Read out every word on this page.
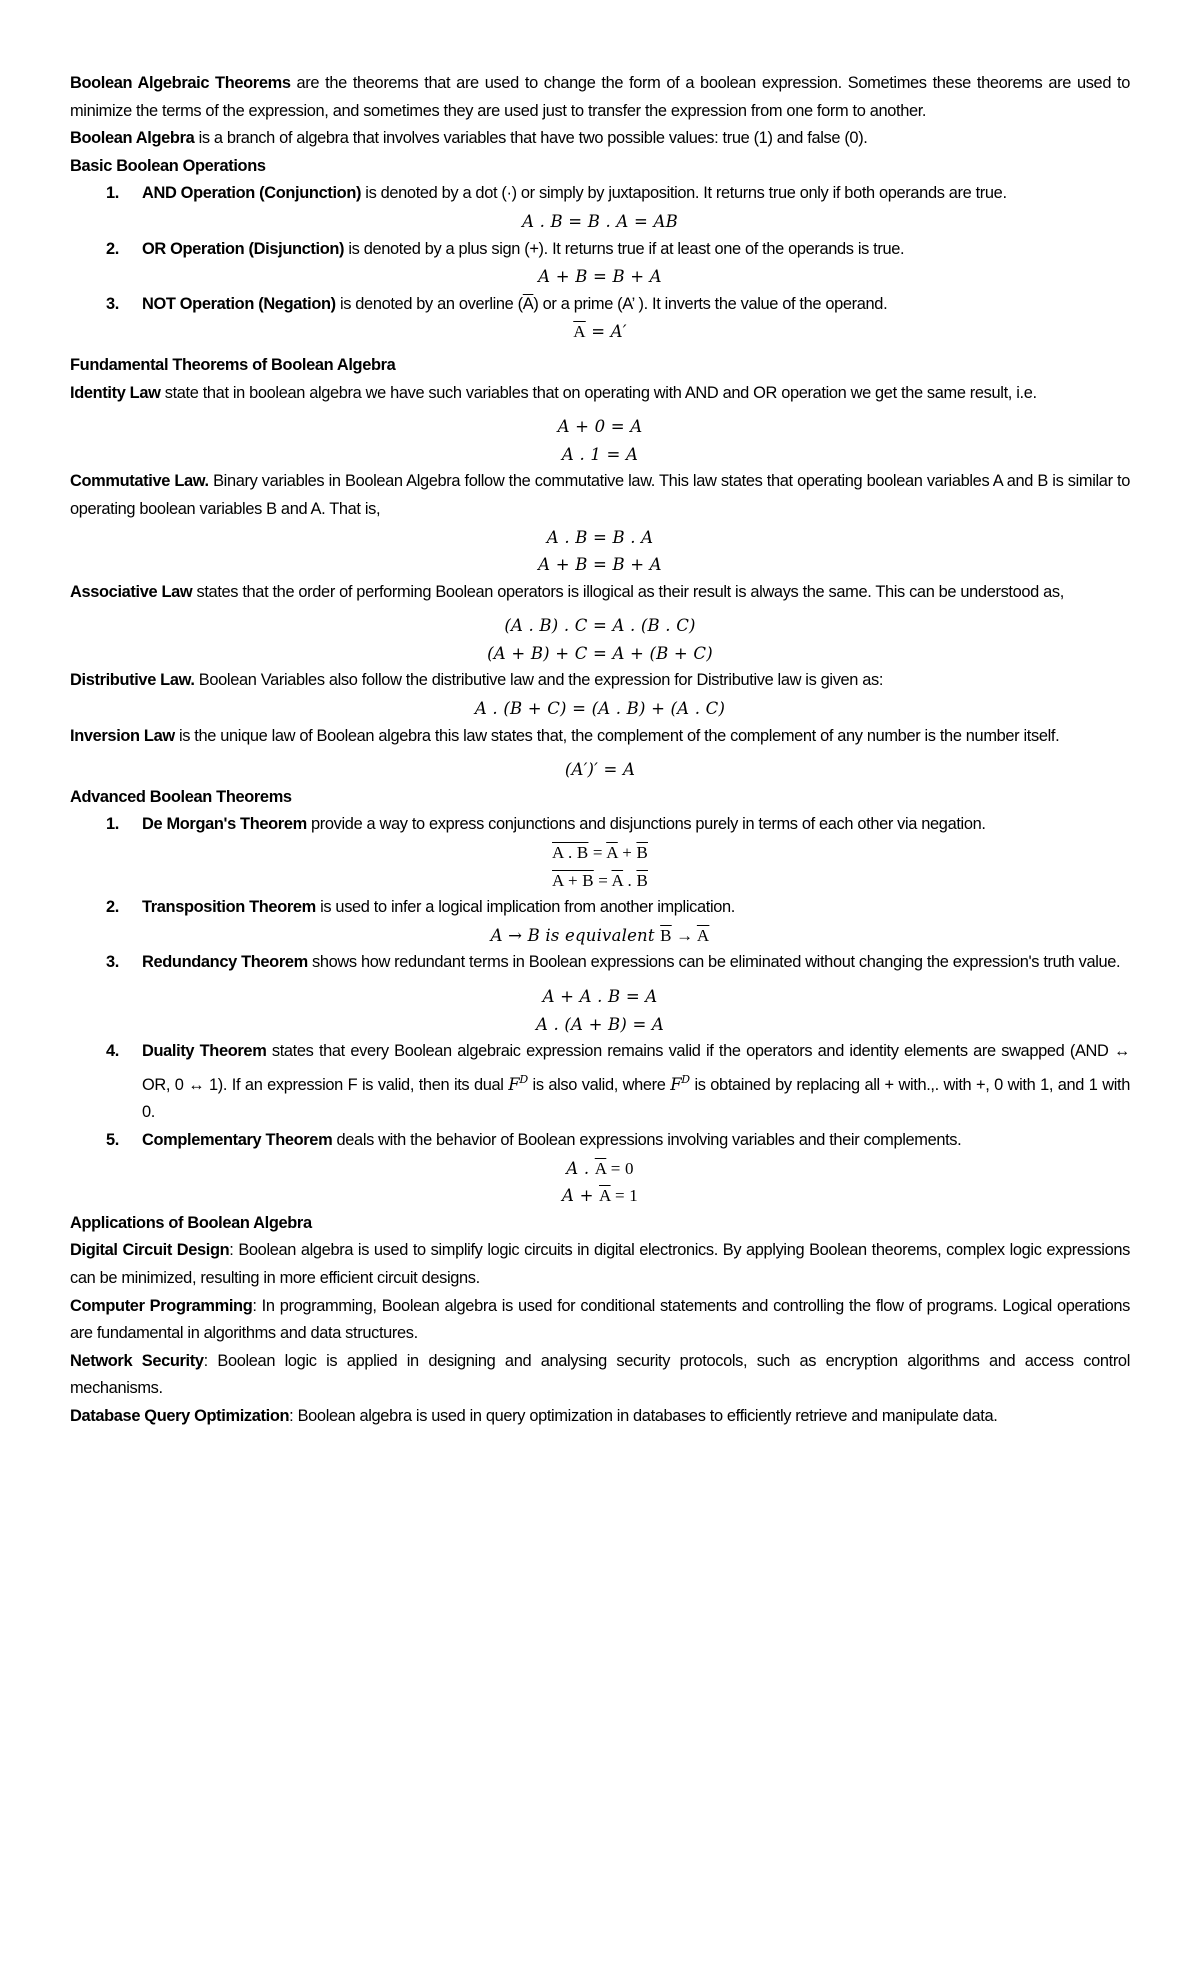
Boolean Algebraic Theorems are the theorems that are used to change the form of a boolean expression. Sometimes these theorems are used to minimize the terms of the expression, and sometimes they are used just to transfer the expression from one form to another.

Boolean Algebra is a branch of algebra that involves variables that have two possible values: true (1) and false (0).

Basic Boolean Operations

1. AND Operation (Conjunction) is denoted by a dot (·) or simply by juxtaposition. It returns true only if both operands are true.

A . B = B . A = AB

2. OR Operation (Disjunction) is denoted by a plus sign (+). It returns true if at least one of the operands is true.

A + B = B + A

3. NOT Operation (Negation) is denoted by an overline $(\overline{A})$ or a prime (A’ ). It inverts the value of the operand.

$\overline{A} = A'$

Fundamental Theorems of Boolean Algebra

Identity Law state that in boolean algebra we have such variables that on operating with AND and OR operation we get the same result, i.e.

A + 0 = A

A . 1 = A

Commutative Law. Binary variables in Boolean Algebra follow the commutative law. This law states that operating boolean variables A and B is similar to operating boolean variables B and A. That is,

A . B = B . A

A + B = B + A

Associative Law states that the order of performing Boolean operators is illogical as their result is always the same. This can be understood as,

(A . B) . C = A . (B . C)

(A + B) + C = A + (B + C)

Distributive Law. Boolean Variables also follow the distributive law and the expression for Distributive law is given as:

A . (B + C) = (A . B) + (A . C)

Inversion Law is the unique law of Boolean algebra this law states that, the complement of the complement of any number is the number itself.

(A′)′ = A

Advanced Boolean Theorems

1. De Morgan's Theorem provide a way to express conjunctions and disjunctions purely in terms of each other via negation.

A . $B = \overline{A} + \overline{B}$

$A + B = \overline{A}$ . $\overline{B}$

2. Transposition Theorem is used to infer a logical implication from another implication.

A → B is equivalent $\overline{B} \to \overline{A}$

3. Redundancy Theorem shows how redundant terms in Boolean expressions can be eliminated without changing the expression's truth value.

A + A . B = A

A . (A + B) = A

4. Duality Theorem states that every Boolean algebraic expression remains valid if the operators and identity elements are swapped (AND ↔ OR, 0 ↔ 1). If an expression F is valid, then its dual $F^D$ is also valid, where $F^D$ is obtained by replacing all + with.,. with +, 0 with 1, and 1 with 0.
5. Complementary Theorem deals with the behavior of Boolean expressions involving variables and their complements.

A . $\overline{A} = 0$

$A + \overline{A} = 1$

Applications of Boolean Algebra

Digital Circuit Design: Boolean algebra is used to simplify logic circuits in digital electronics. By applying Boolean theorems, complex logic expressions can be minimized, resulting in more efficient circuit designs.

Computer Programming: In programming, Boolean algebra is used for conditional statements and controlling the flow of programs. Logical operations are fundamental in algorithms and data structures.

Network Security: Boolean logic is applied in designing and analysing security protocols, such as encryption algorithms and access control mechanisms.

Database Query Optimization: Boolean algebra is used in query optimization in databases to efficiently retrieve and manipulate data.
